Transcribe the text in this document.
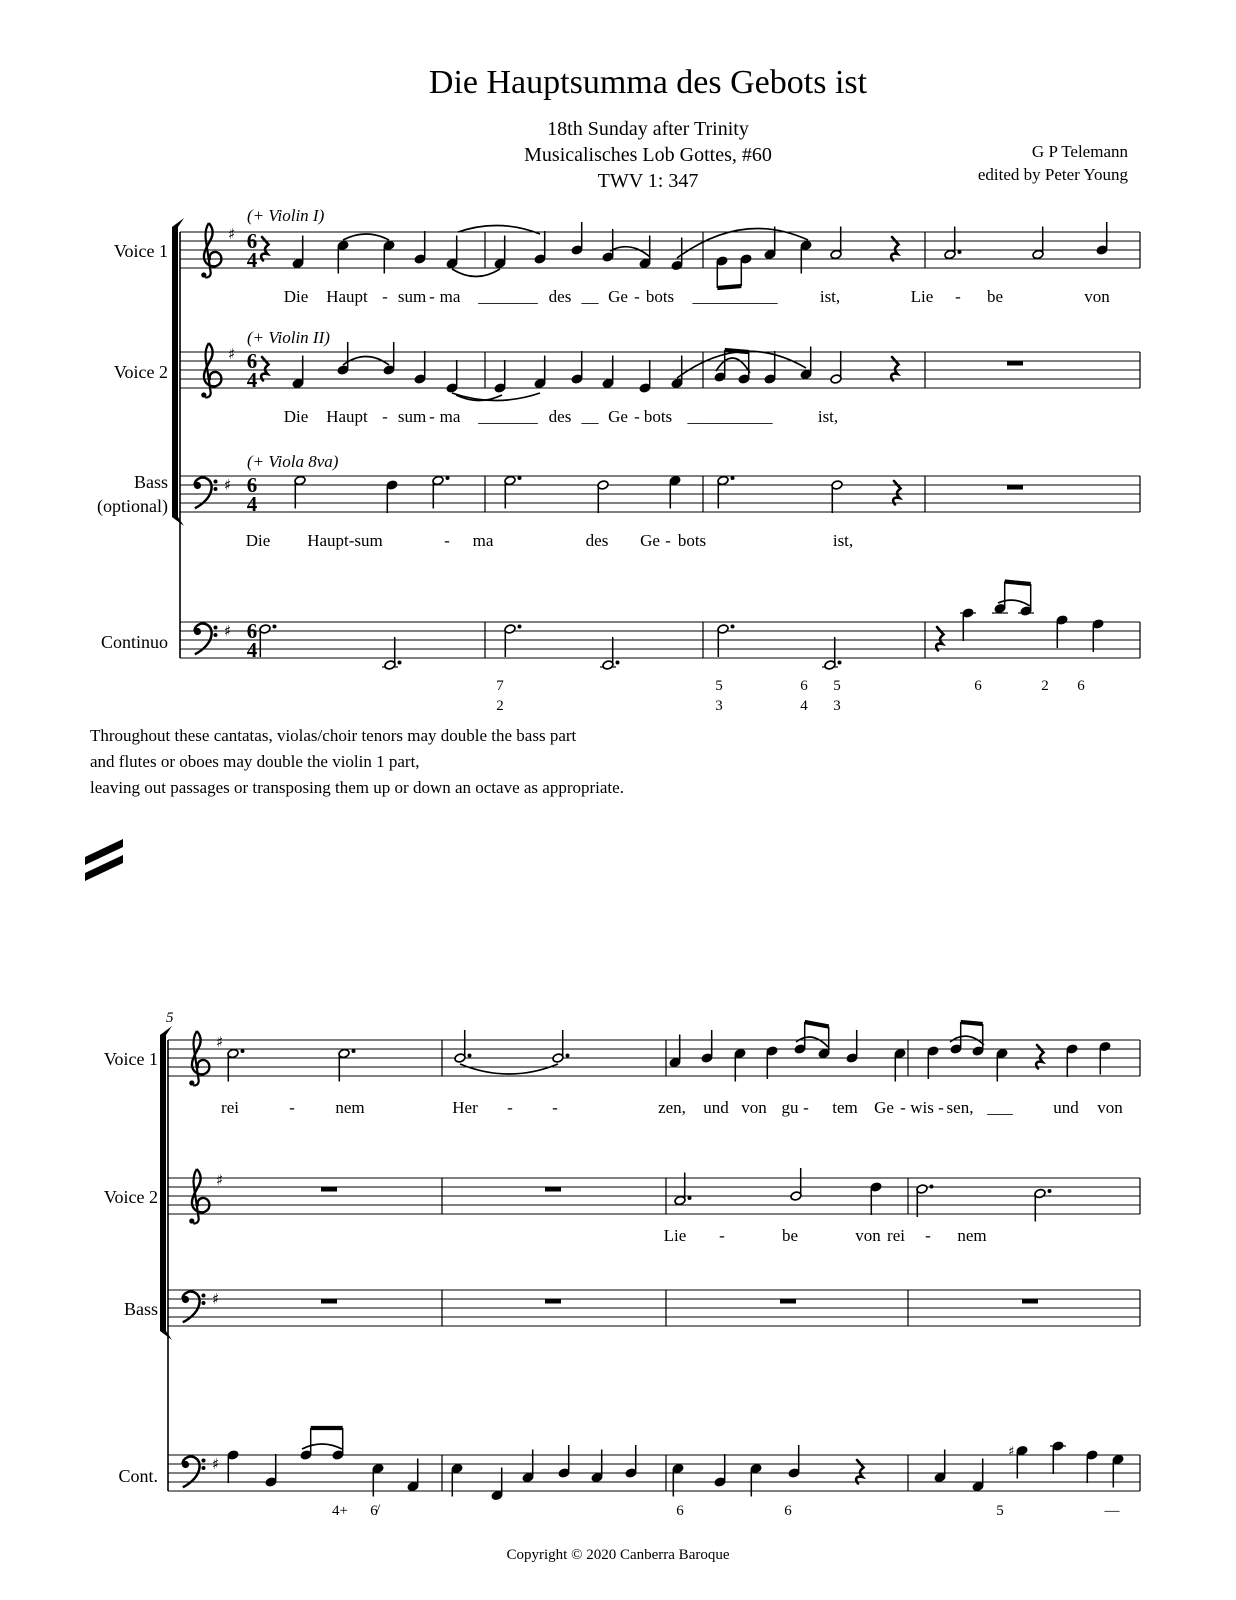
Die Hauptsumma des Gebots ist
18th Sunday after Trinity
Musicalisches Lob Gottes, #60
TWV 1: 347
G P Telemann
edited by Peter Young
♯ 6
4
♯ 6
4
♯ 6
4
♯ 6
4
♯
♯
♯
♯
♯
Voice 1
Voice 2
Bass
(optional)
Continuo
Voice 1
Voice 2
Bass
Cont.
(+ Violin I)
(+ Violin II)
(+ Viola 8va)
5
Throughout these cantatas, violas/choir tenors may double the bass part
and flutes or oboes may double the violin 1 part,
leaving out passages or transposing them up or down an octave as appropriate.
Die Haupt - sum - ma _______ des __ Ge - bots __________ ist,	Lie - be	von
Die Haupt - sum - ma _______ des __ Ge - bots __________	ist,
Die Haupt-sum	- ma	des Ge - bots	ist,
7
2
5
3
6
4
5
3
6	2 6
rei	- nem	Her - -	zen, und von gu - tem Ge - wis - sen, ___ und von
Lie -	be	von rei - nem
4+ 6̸	6	6	5	—
Copyright © 2020 Canberra Baroque
